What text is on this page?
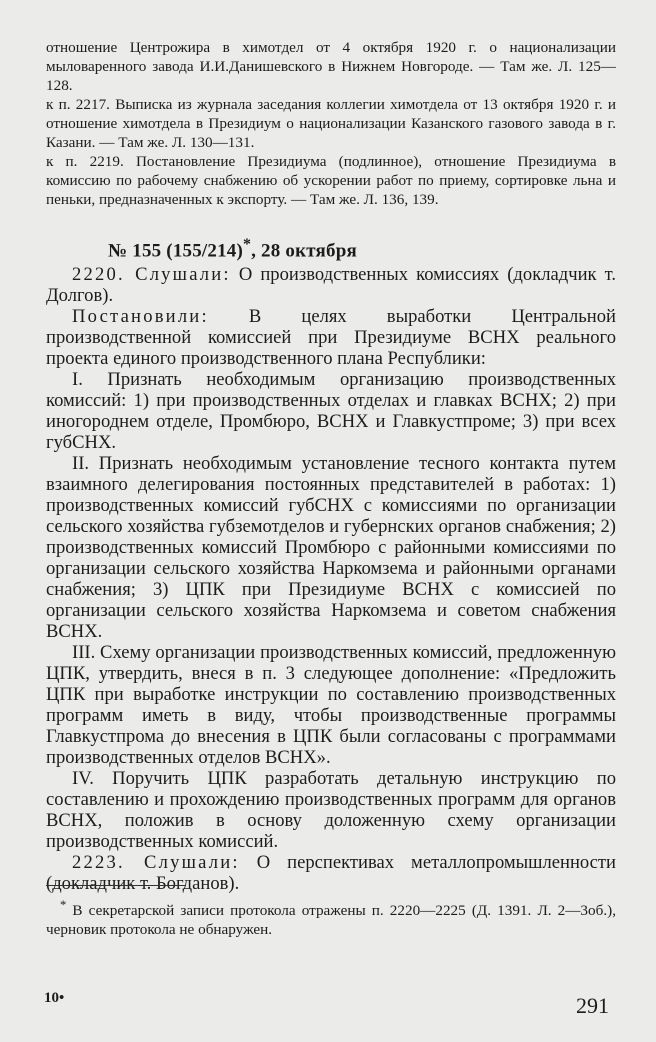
отношение Центрожира в химотдел от 4 октября 1920 г. о национализации мыловаренного завода И.И.Данишевского в Нижнем Новгороде. — Там же. Л. 125—128.

к п. 2217. Выписка из журнала заседания коллегии химотдела от 13 октября 1920 г. и отношение химотдела в Президиум о национализации Казанского газового завода в г. Казани. — Там же. Л. 130—131.

к п. 2219. Постановление Президиума (подлинное), отношение Президиума в комиссию по рабочему снабжению об ускорении работ по приему, сортировке льна и пеньки, предназначенных к экспорту. — Там же. Л. 136, 139.

№ 155 (155/214)*, 28 октября

2220. Слушали: О производственных комиссиях (докладчик т. Долгов).

Постановили: В целях выработки Центральной производственной комиссией при Президиуме ВСНХ реального проекта единого производственного плана Республики:

I. Признать необходимым организацию производственных комиссий: 1) при производственных отделах и главках ВСНХ; 2) при иногороднем отделе, Промбюро, ВСНХ и Главкустпроме; 3) при всех губСНХ.

II. Признать необходимым установление тесного контакта путем взаимного делегирования постоянных представителей в работах: 1) производственных комиссий губСНХ с комиссиями по организации сельского хозяйства губземотделов и губернских органов снабжения; 2) производственных комиссий Промбюро с районными комиссиями по организации сельского хозяйства Наркомзема и районными органами снабжения; 3) ЦПК при Президиуме ВСНХ с комиссией по организации сельского хозяйства Наркомзема и советом снабжения ВСНХ.

III. Схему организации производственных комиссий, предложенную ЦПК, утвердить, внеся в п. 3 следующее дополнение: «Предложить ЦПК при выработке инструкции по составлению производственных программ иметь в виду, чтобы производственные программы Главкустпрома до внесения в ЦПК были согласованы с программами производственных отделов ВСНХ».

IV. Поручить ЦПК разработать детальную инструкцию по составлению и прохождению производственных программ для органов ВСНХ, положив в основу доложенную схему организации производственных комиссий.

2223. Слушали: О перспективах металлопромышленности (докладчик т. Богданов).

* В секретарской записи протокола отражены п. 2220—2225 (Д. 1391. Л. 2—3об.), черновик протокола не обнаружен.
10•	291
